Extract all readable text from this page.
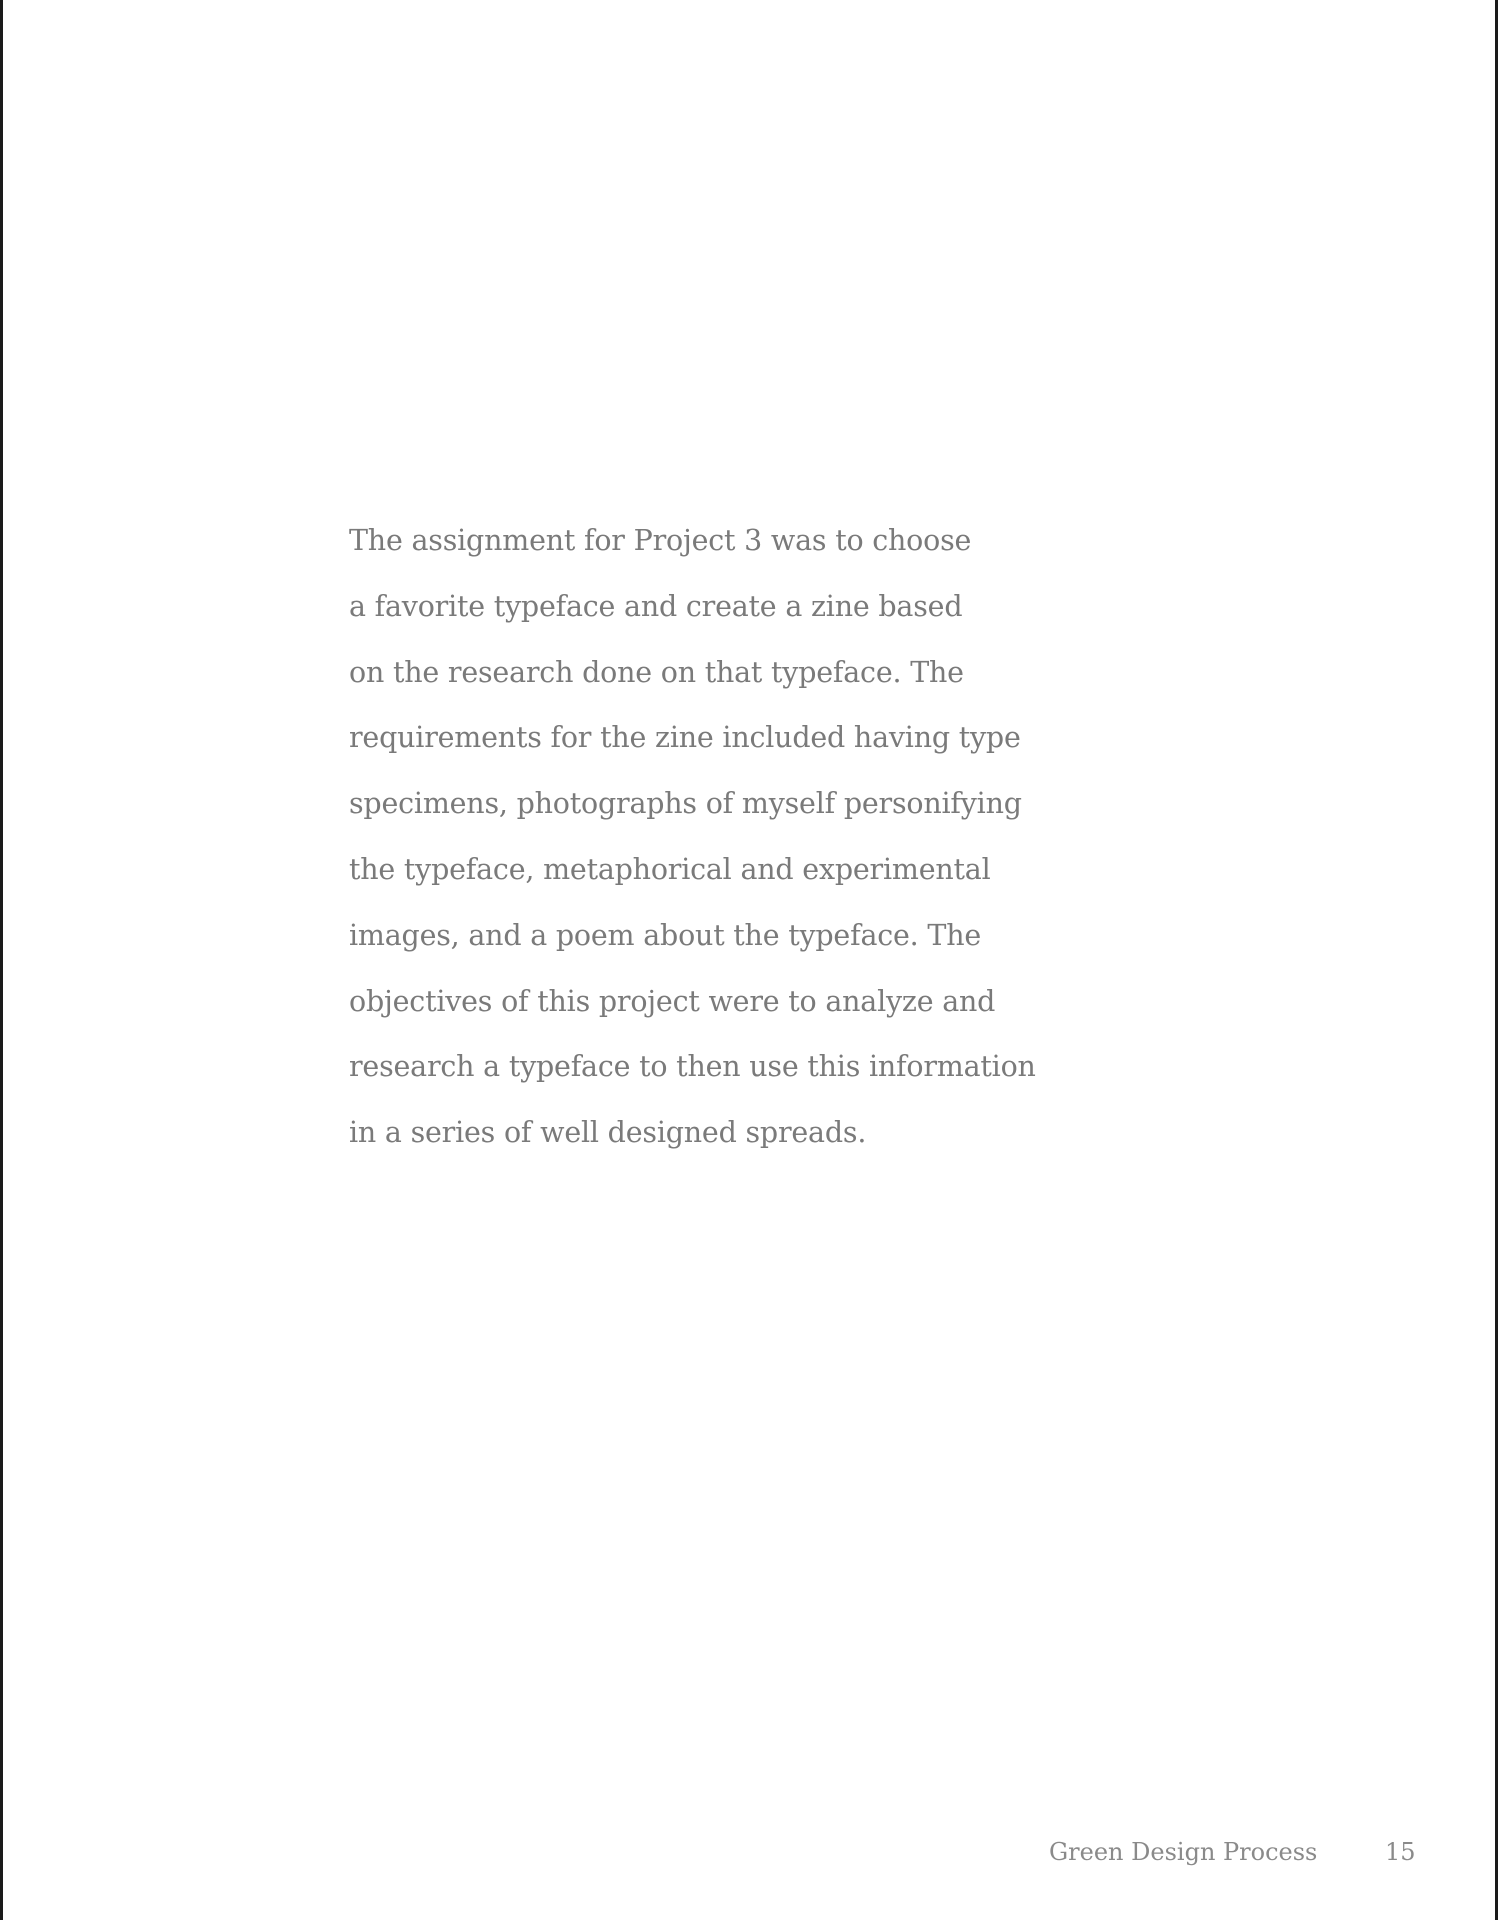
The assignment for Project 3 was to choose
a favorite typeface and create a zine based
on the research done on that typeface. The
requirements for the zine included having type
specimens, photographs of myself personifying
the typeface, metaphorical and experimental
images, and a poem about the typeface. The
objectives of this project were to analyze and
research a typeface to then use this information
in a series of well designed spreads.

Green Design Process	15
